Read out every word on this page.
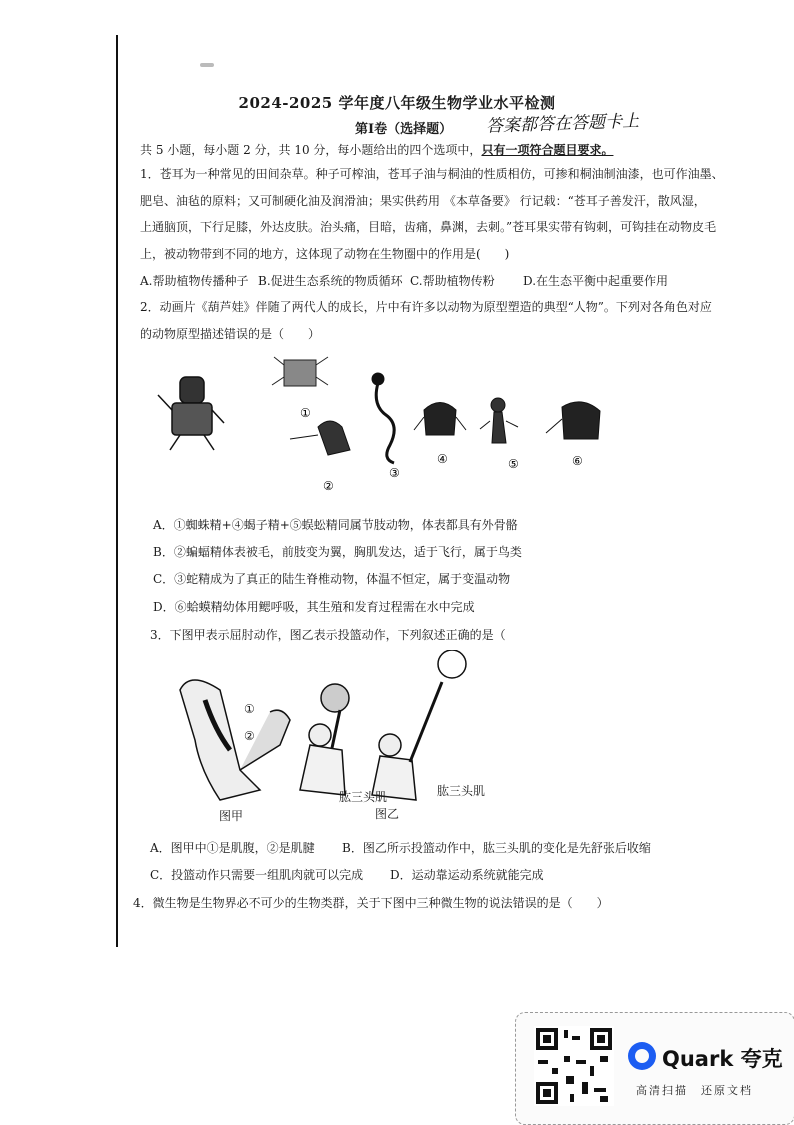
2024-2025 学年度八年级生物学业水平检测
第Ⅰ卷（选择题） 答案都答在答题卡上
共 5 小题，每小题 2 分，共 10 分，每小题给出的四个选项中，只有一项符合题目要求。
1．苍耳为一种常见的田间杂草。种子可榨油，苍耳子油与桐油的性质相仿，可掺和桐油制油漆，也可作油墨、
肥皂、油毡的原料；又可制硬化油及润滑油；果实供药用 《本草备要》 行记载：“苍耳子善发汗，散风湿，
上通脑顶，下行足膝，外达皮肤。治头痛，目暗，齿痛，鼻渊，去刺。”苍耳果实带有钩刺，可钩挂在动物皮毛
上，被动物带到不同的地方，这体现了动物在生物圈中的作用是(　　)
A.帮助植物传播种子 B.促进生态系统的物质循环 C.帮助植物传粉 D.在生态平衡中起重要作用
2．动画片《葫芦娃》伴随了两代人的成长，片中有许多以动物为原型塑造的典型“人物”。下列对各角色对应
的动物原型描述错误的是（　　）
①
②
③
④	⑤	⑥
A．①蜘蛛精+④蝎子精+⑤蜈蚣精同属节肢动物，体表都具有外骨骼
B．②蝙蝠精体表被毛，前肢变为翼，胸肌发达，适于飞行，属于鸟类
C．③蛇精成为了真正的陆生脊椎动物，体温不恒定，属于变温动物
D．⑥蛤蟆精幼体用鳃呼吸，其生殖和发育过程需在水中完成
3．下图甲表示屈肘动作，图乙表示投篮动作，下列叙述正确的是（
①
②
肱三头肌	肱三头肌
图甲	图乙
A．图甲中①是肌腹，②是肌腱 B．图乙所示投篮动作中，肱三头肌的变化是先舒张后收缩
C．投篮动作只需要一组肌肉就可以完成 D．运动靠运动系统就能完成
4．微生物是生物界必不可少的生物类群，关于下图中三种微生物的说法错误的是（　　）
Quark 夸克
高清扫描　还原文档
